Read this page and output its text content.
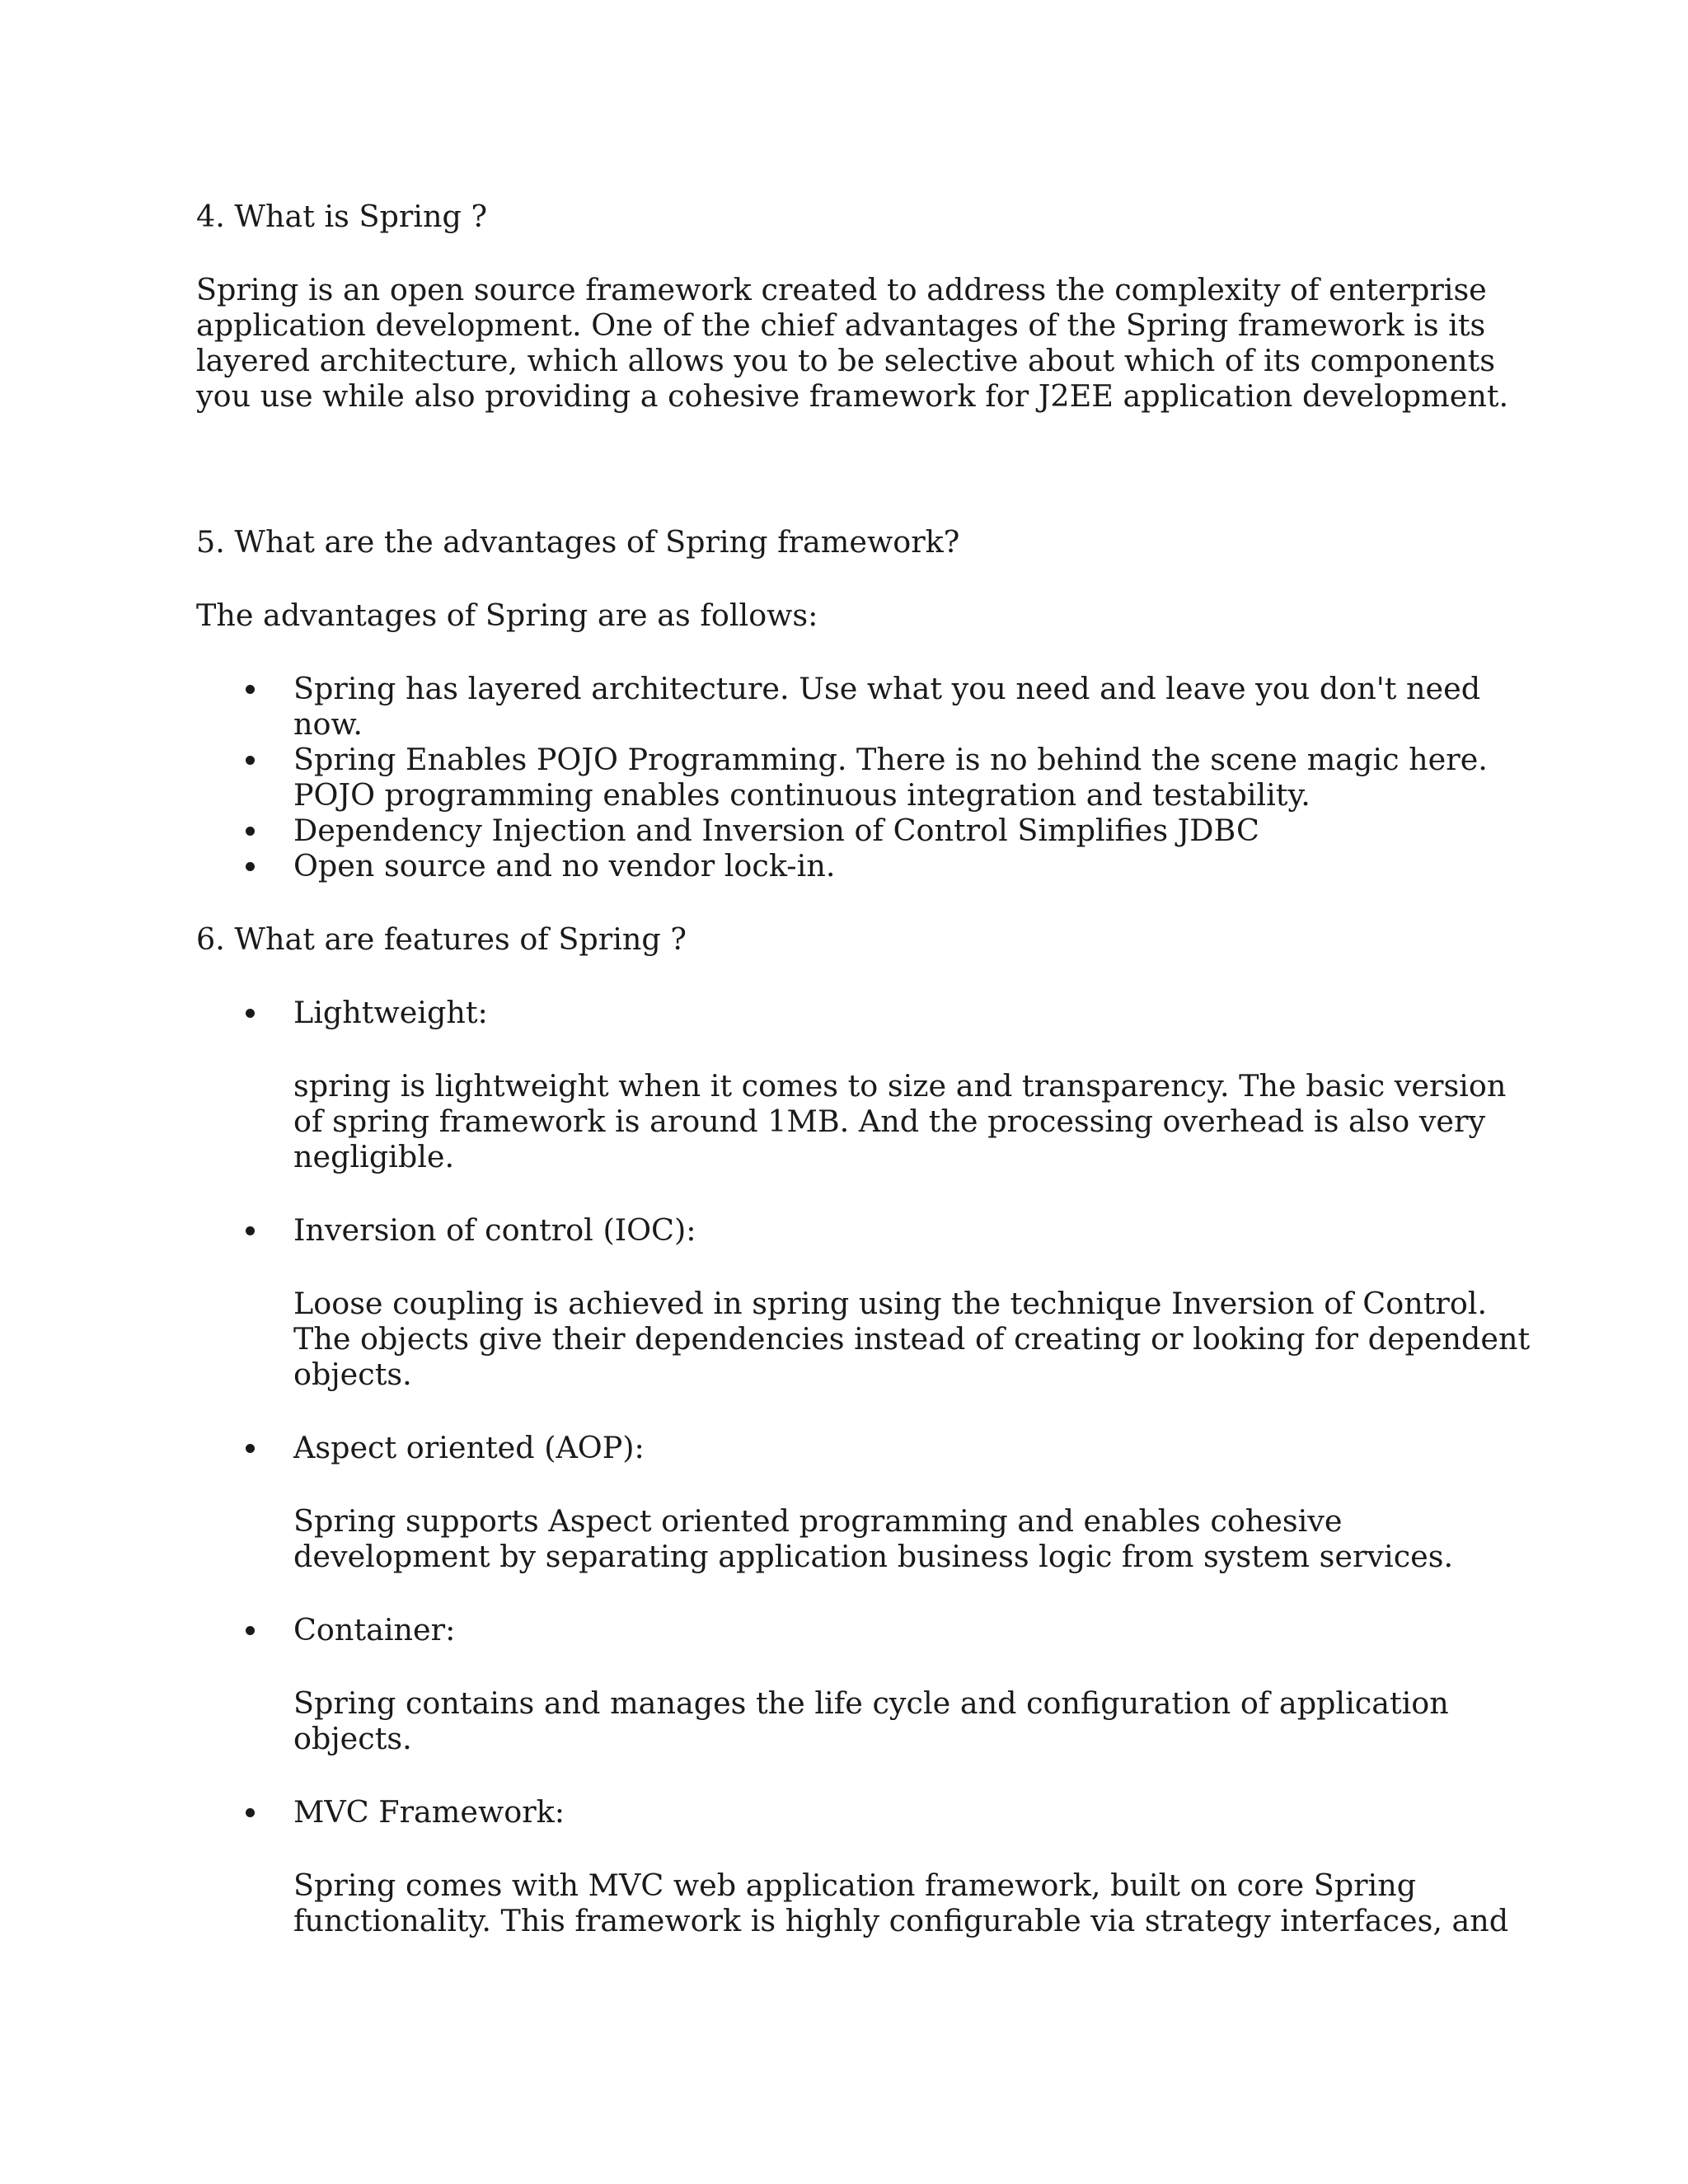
4. What is Spring ?

Spring is an open source framework created to address the complexity of enterprise

application development. One of the chief advantages of the Spring framework is its

layered architecture, which allows you to be selective about which of its components

you use while also providing a cohesive framework for J2EE application development.

5. What are the advantages of Spring framework?

The advantages of Spring are as follows:

Spring has layered architecture. Use what you need and leave you don't need

now.

Spring Enables POJO Programming. There is no behind the scene magic here.

POJO programming enables continuous integration and testability.

Dependency Injection and Inversion of Control Simplifies JDBC

Open source and no vendor lock-in.

6. What are features of Spring ?

Lightweight:

spring is lightweight when it comes to size and transparency. The basic version

of spring framework is around 1MB. And the processing overhead is also very

negligible.

Inversion of control (IOC):

Loose coupling is achieved in spring using the technique Inversion of Control.

The objects give their dependencies instead of creating or looking for dependent

objects.

Aspect oriented (AOP):

Spring supports Aspect oriented programming and enables cohesive

development by separating application business logic from system services.

Container:

Spring contains and manages the life cycle and configuration of application

objects.

MVC Framework:

Spring comes with MVC web application framework, built on core Spring

functionality. This framework is highly configurable via strategy interfaces, and
